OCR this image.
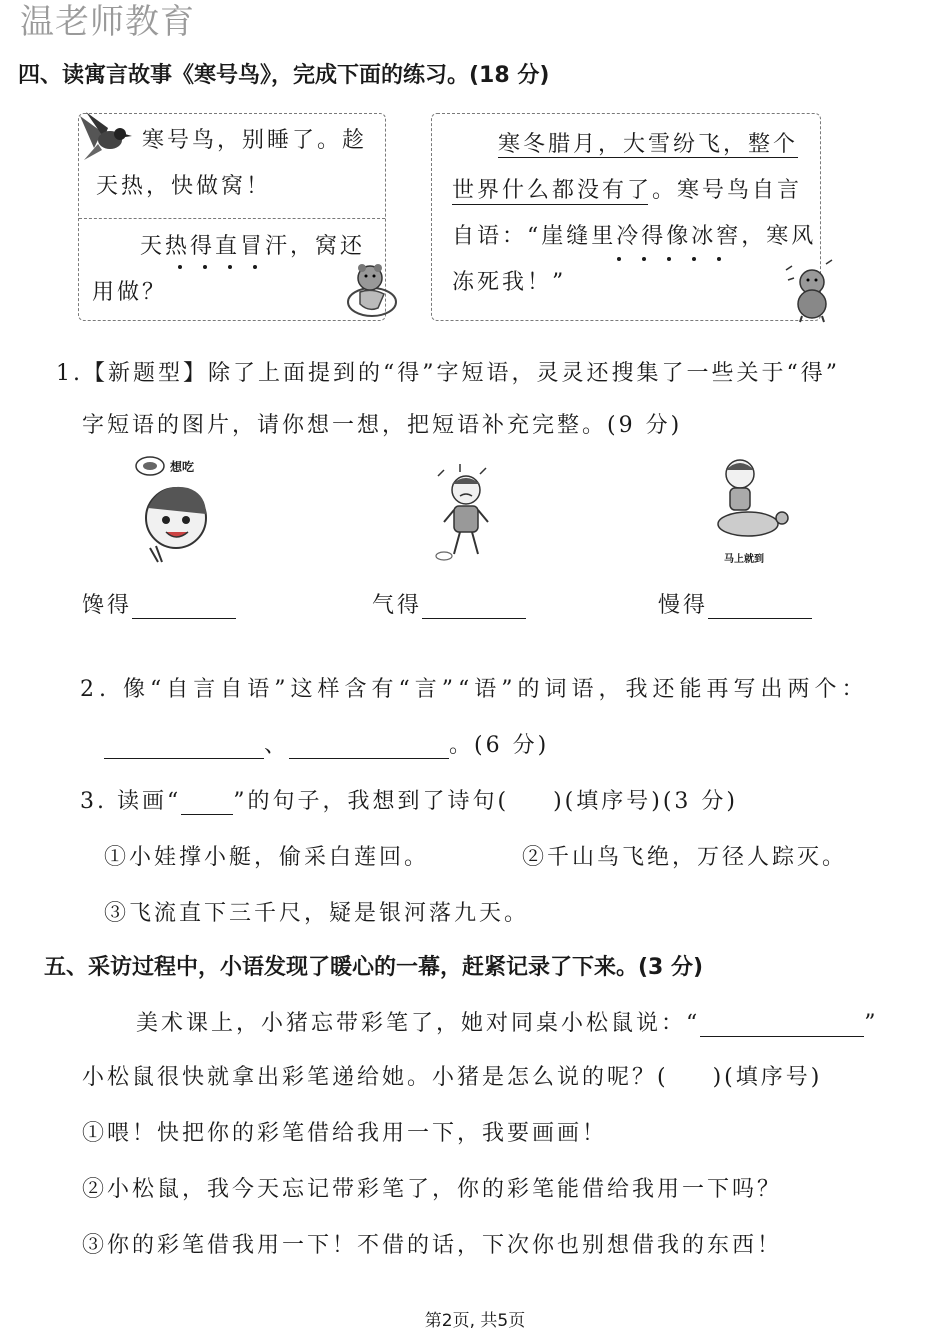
温老师教育
四、读寓言故事《寒号鸟》，完成下面的练习。(18 分)
寒号鸟，别睡了。趁
天热，快做窝！
天热得直冒汗，窝还
用做？
寒冬腊月，大雪纷飞，整个
世界什么都没有了。寒号鸟自言
自语：“崖缝里冷得像冰窖，寒风
冻死我！”
1.【新题型】除了上面提到的“得”字短语，灵灵还搜集了一些关于“得”
字短语的图片，请你想一想，把短语补充完整。(9 分)
想吃
马上就到
馋得	气得	慢得
2. 像“自言自语”这样含有“言”“语”的词语，我还能再写出两个：
、	。(6 分)
3. 读画“ ”的句子，我想到了诗句( )(填序号)(3 分)
①小娃撑小艇，偷采白莲回。	②千山鸟飞绝，万径人踪灭。
③飞流直下三千尺，疑是银河落九天。
五、采访过程中，小语发现了暖心的一幕，赶紧记录了下来。(3 分)
美术课上，小猪忘带彩笔了，她对同桌小松鼠说：“	”
小松鼠很快就拿出彩笔递给她。小猪是怎么说的呢？( )(填序号)
①喂！快把你的彩笔借给我用一下，我要画画！
②小松鼠，我今天忘记带彩笔了，你的彩笔能借给我用一下吗？
③你的彩笔借我用一下！不借的话，下次你也别想借我的东西！
第2页, 共5页
